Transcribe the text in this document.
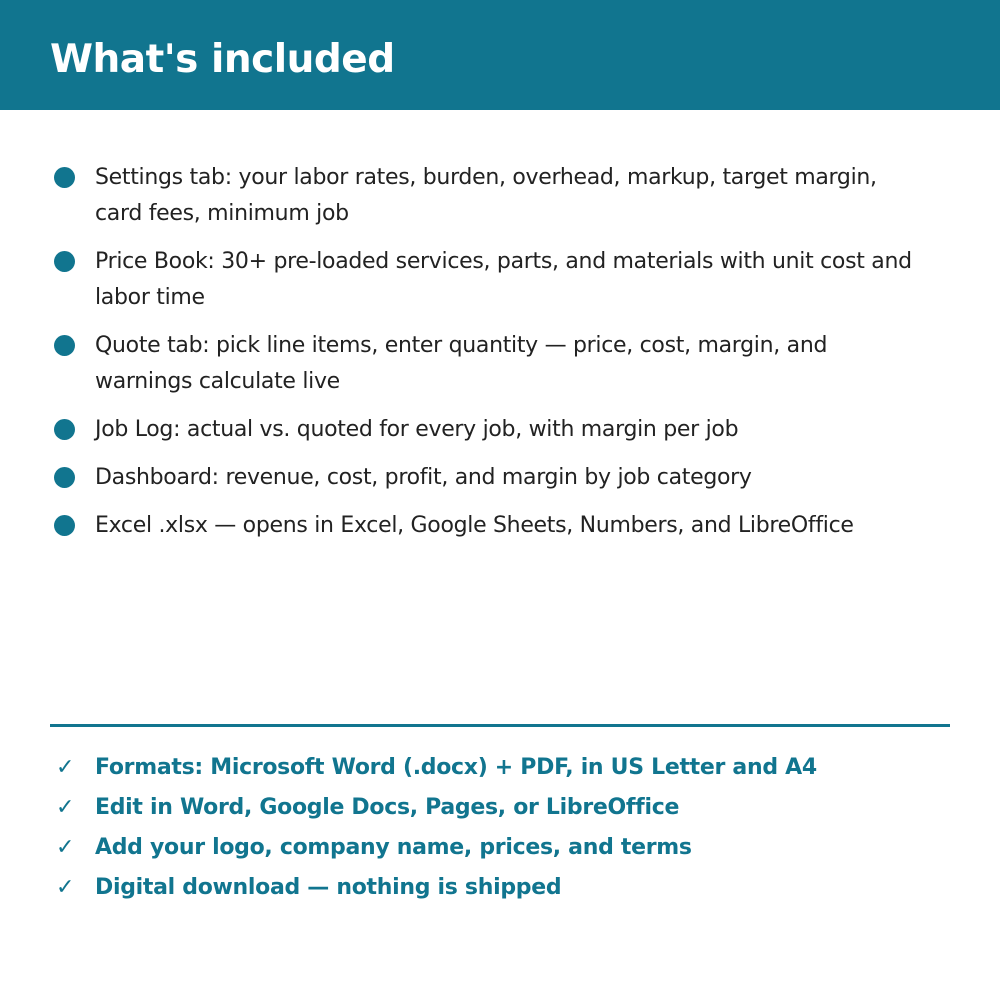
What's included
Settings tab: your labor rates, burden, overhead, markup, target margin, card fees, minimum job
Price Book: 30+ pre-loaded services, parts, and materials with unit cost and labor time
Quote tab: pick line items, enter quantity — price, cost, margin, and warnings calculate live
Job Log: actual vs. quoted for every job, with margin per job
Dashboard: revenue, cost, profit, and margin by job category
Excel .xlsx — opens in Excel, Google Sheets, Numbers, and LibreOffice
✓ Formats: Microsoft Word (.docx) + PDF, in US Letter and A4
✓ Edit in Word, Google Docs, Pages, or LibreOffice
✓ Add your logo, company name, prices, and terms
✓ Digital download — nothing is shipped
